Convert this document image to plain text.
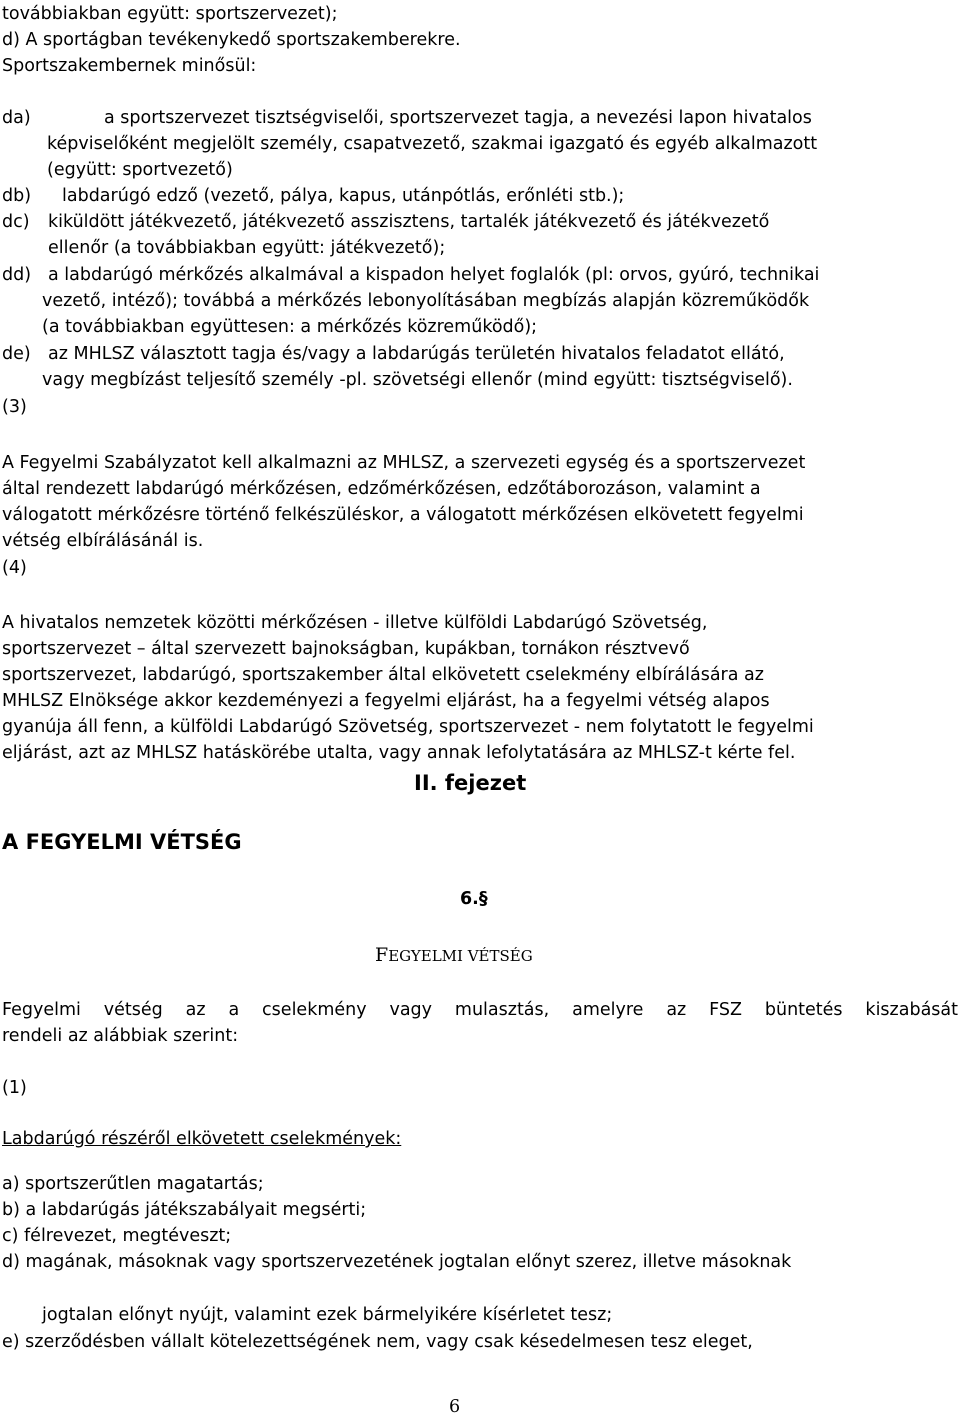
továbbiakban együtt: sportszervezet);
d) A sportágban tevékenykedő sportszakemberekre.
Sportszakembernek minősül:
da)	a sportszervezet tisztségviselői, sportszervezet tagja, a nevezési lapon hivatalos
képviselőként megjelölt személy, csapatvezető, szakmai igazgató és egyéb alkalmazott
(együtt: sportvezető)
db) labdarúgó edző (vezető, pálya, kapus, utánpótlás, erőnléti stb.);
dc) kiküldött játékvezető, játékvezető asszisztens, tartalék játékvezető és játékvezető
ellenőr (a továbbiakban együtt: játékvezető);
dd) a labdarúgó mérkőzés alkalmával a kispadon helyet foglalók (pl: orvos, gyúró, technikai
vezető, intéző); továbbá a mérkőzés lebonyolításában megbízás alapján közreműködők
(a továbbiakban együttesen: a mérkőzés közreműködő);
de) az MHLSZ választott tagja és/vagy a labdarúgás területén hivatalos feladatot ellátó,
vagy megbízást teljesítő személy -pl. szövetségi ellenőr (mind együtt: tisztségviselő).
(3)
A Fegyelmi Szabályzatot kell alkalmazni az MHLSZ, a szervezeti egység és a sportszervezet
által rendezett labdarúgó mérkőzésen, edzőmérkőzésen, edzőtáborozáson, valamint a
válogatott mérkőzésre történő felkészüléskor, a válogatott mérkőzésen elkövetett fegyelmi
vétség elbírálásánál is.
(4)
A hivatalos nemzetek közötti mérkőzésen - illetve külföldi Labdarúgó Szövetség,
sportszervezet – által szervezett bajnokságban, kupákban, tornákon résztvevő
sportszervezet, labdarúgó, sportszakember által elkövetett cselekmény elbírálására az
MHLSZ Elnöksége akkor kezdeményezi a fegyelmi eljárást, ha a fegyelmi vétség alapos
gyanúja áll fenn, a külföldi Labdarúgó Szövetség, sportszervezet - nem folytatott le fegyelmi
eljárást, azt az MHLSZ hatáskörébe utalta, vagy annak lefolytatására az MHLSZ-t kérte fel.
II. fejezet
A FEGYELMI VÉTSÉG
6.§
FEGYELMI VÉTSÉG
Fegyelmi vétség az a cselekmény vagy mulasztás, amelyre az FSZ büntetés kiszabását
rendeli az alábbiak szerint:
(1)
Labdarúgó részéről elkövetett cselekmények:
a) sportszerűtlen magatartás;
b) a labdarúgás játékszabályait megsérti;
c) félrevezet, megtéveszt;
d) magának, másoknak vagy sportszervezetének jogtalan előnyt szerez, illetve másoknak
jogtalan előnyt nyújt, valamint ezek bármelyikére kísérletet tesz;
e) szerződésben vállalt kötelezettségének nem, vagy csak késedelmesen tesz eleget,
6
